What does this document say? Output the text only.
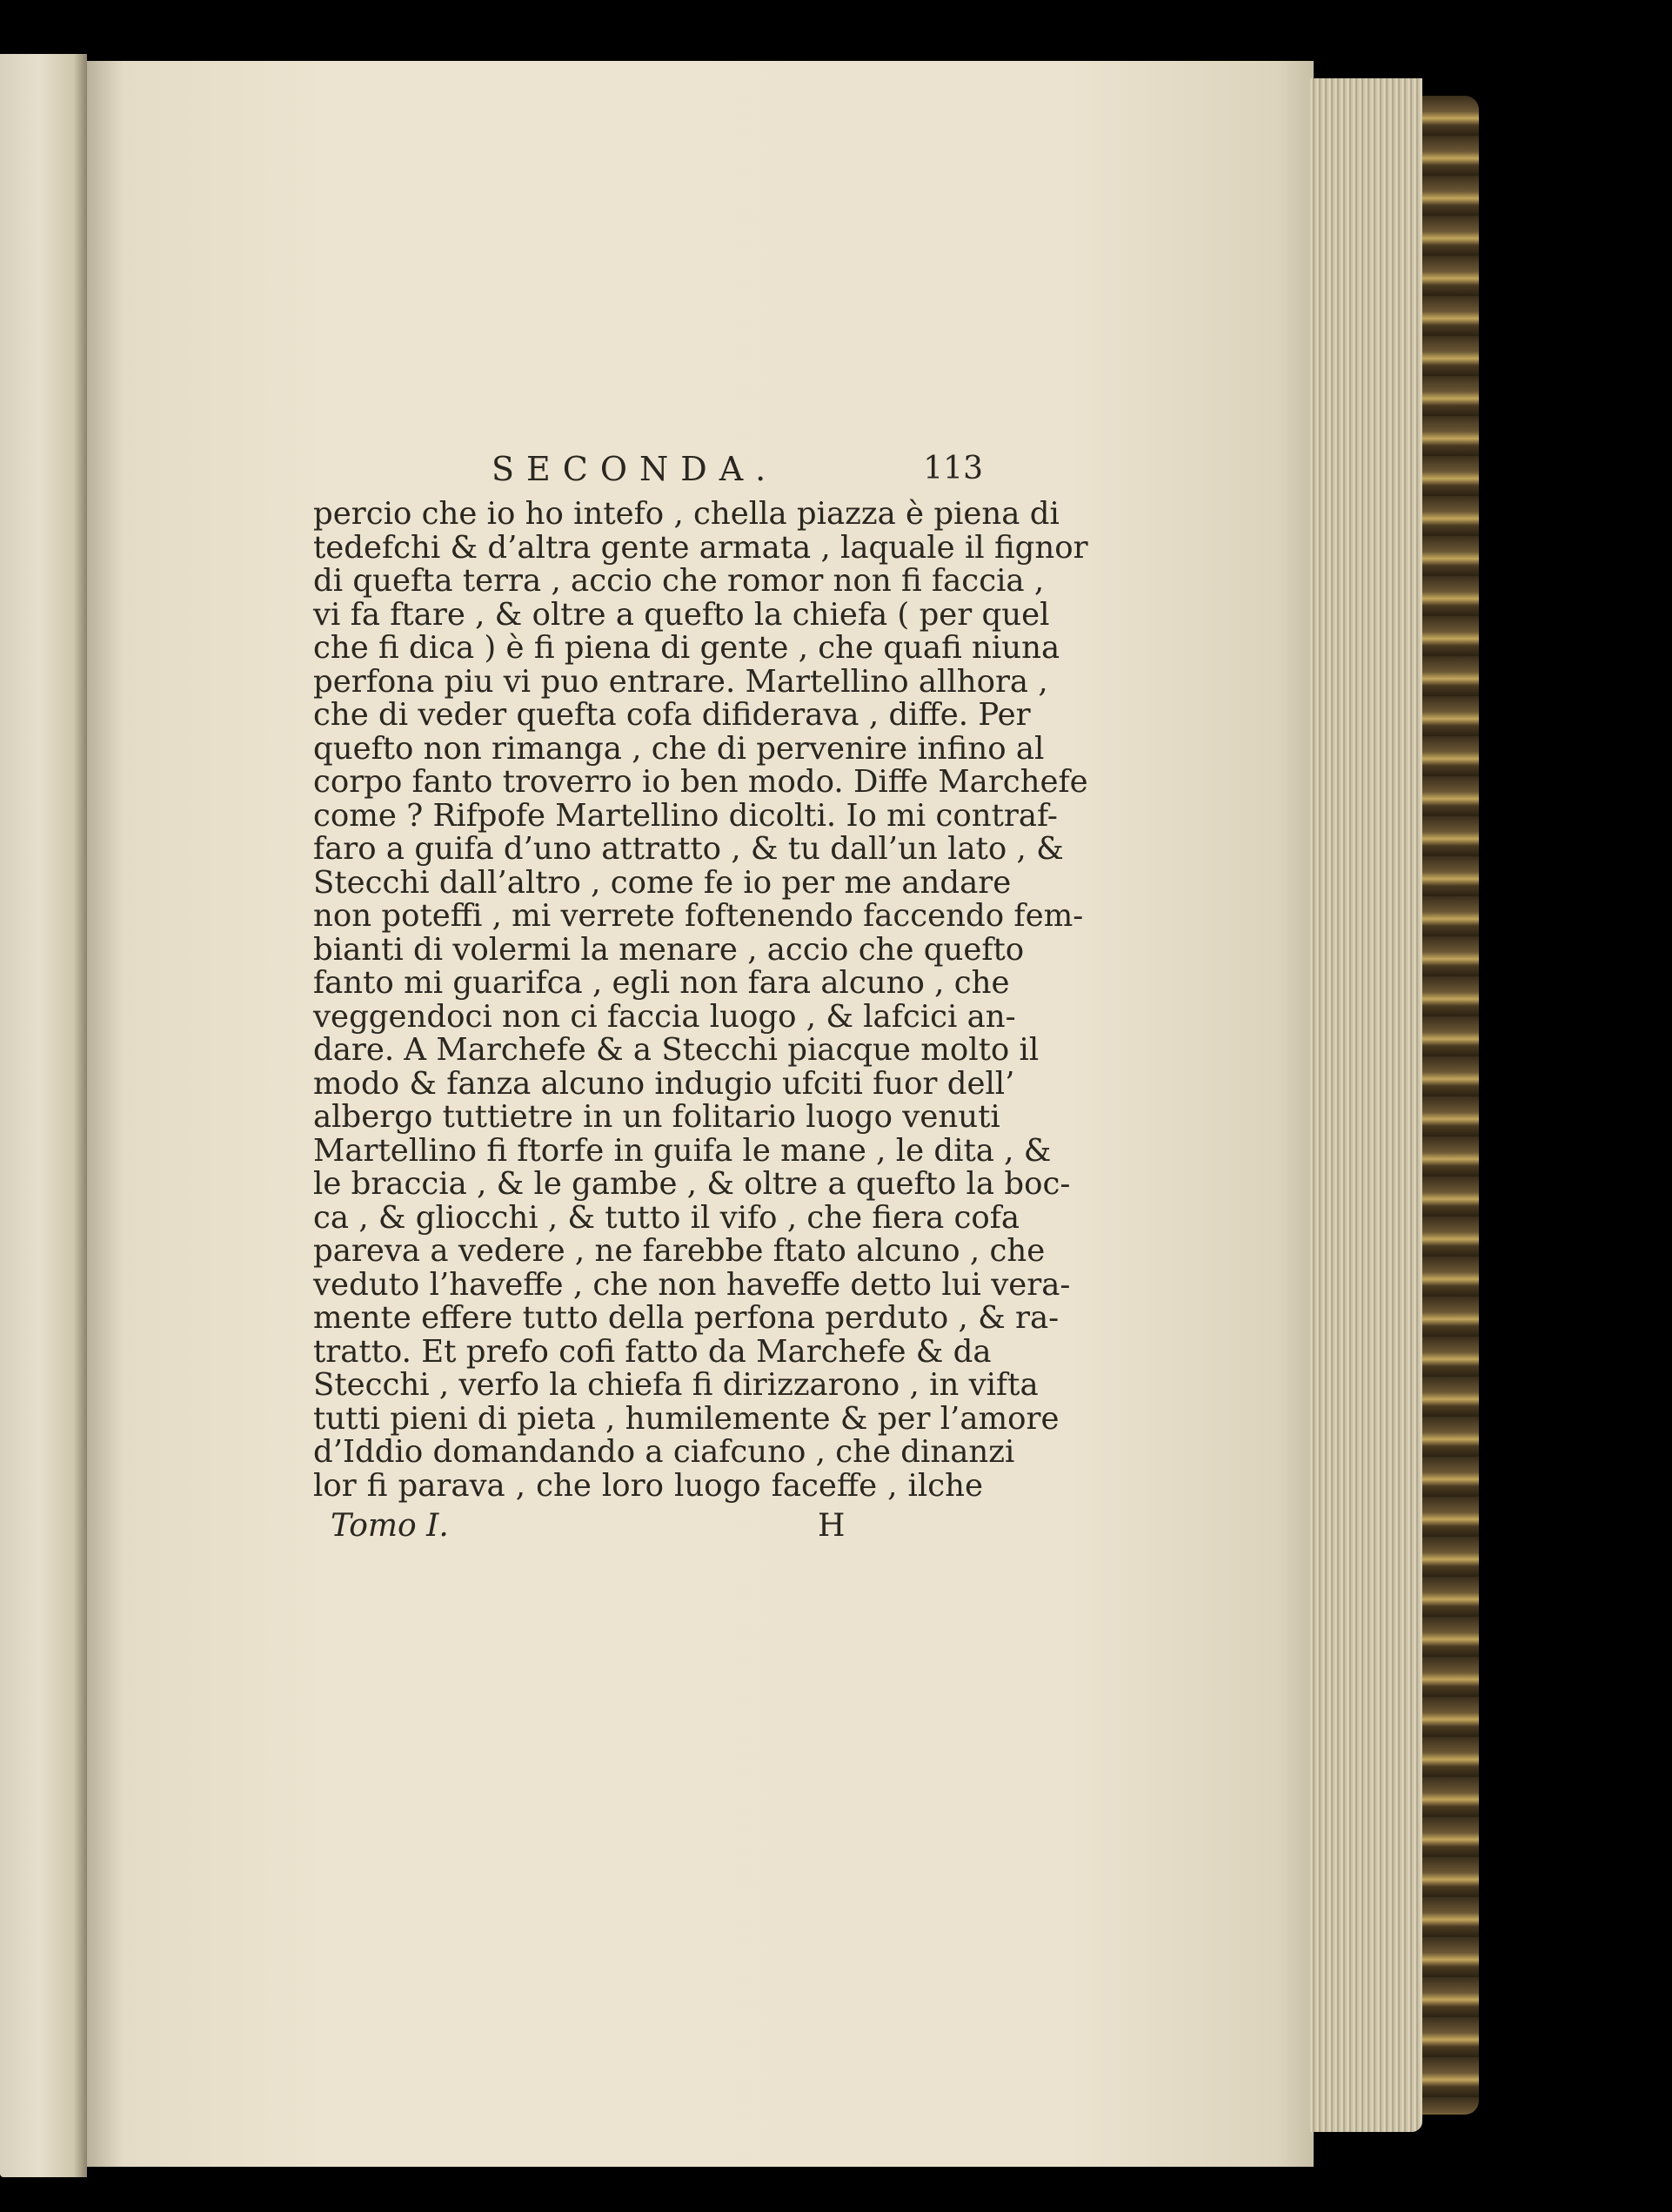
SECONDA.	113
percio che io ho intefo , chella piazza è piena di
tedefchi & d’altra gente armata , laquale il fignor
di quefta terra , accio che romor non fi faccia ,
vi fa ftare , & oltre a quefto la chiefa ( per quel
che fi dica ) è fi piena di gente , che quafi niuna
perfona piu vi puo entrare. Martellino allhora ,
che di veder quefta cofa difiderava , diffe. Per
quefto non rimanga , che di pervenire infino al
corpo fanto troverro io ben modo. Diffe Marchefe
come ? Rifpofe Martellino dicolti. Io mi contraf-
faro a guifa d’uno attratto , & tu dall’un lato , &
Stecchi dall’altro , come fe io per me andare
non poteffi , mi verrete foftenendo faccendo fem-
bianti di volermi la menare , accio che quefto
fanto mi guarifca , egli non fara alcuno , che
veggendoci non ci faccia luogo , & lafcici an-
dare. A Marchefe & a Stecchi piacque molto il
modo & fanza alcuno indugio ufciti fuor dell’
albergo tuttietre in un folitario luogo venuti
Martellino fi ftorfe in guifa le mane , le dita , &
le braccia , & le gambe , & oltre a quefto la boc-
ca , & gliocchi , & tutto il vifo , che fiera cofa
pareva a vedere , ne farebbe ftato alcuno , che
veduto l’haveffe , che non haveffe detto lui vera-
mente effere tutto della perfona perduto , & ra-
tratto. Et prefo cofi fatto da Marchefe & da
Stecchi , verfo la chiefa fi dirizzarono , in vifta
tutti pieni di pieta , humilemente & per l’amore
d’Iddio domandando a ciafcuno , che dinanzi
lor fi parava , che loro luogo faceffe , ilche
Tomo I.	H
